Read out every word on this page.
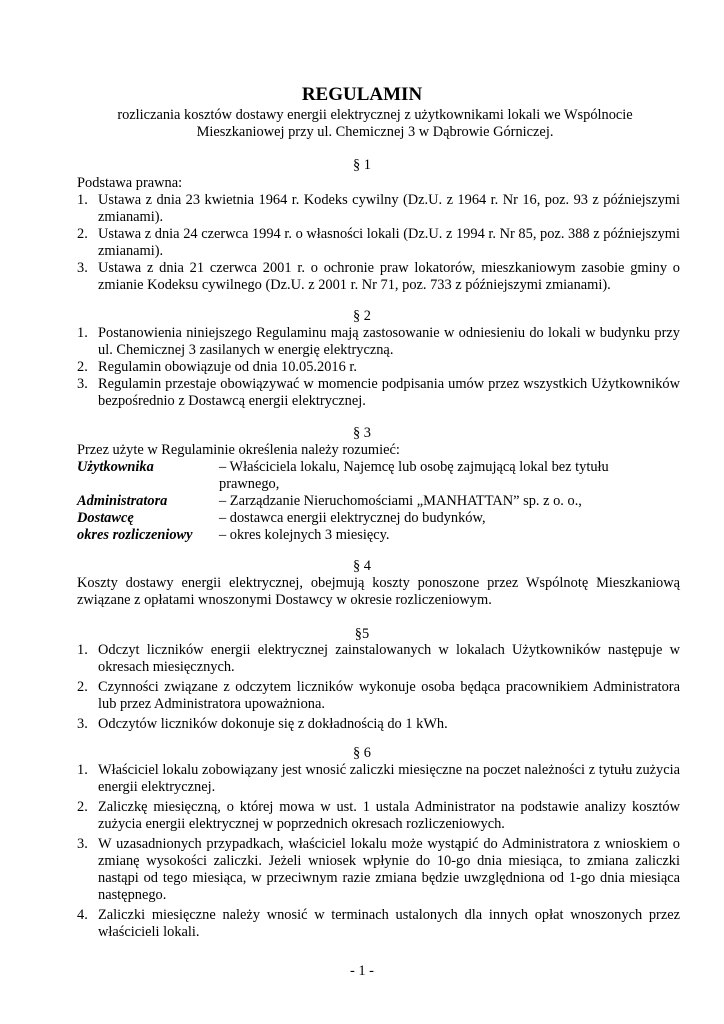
REGULAMIN
rozliczania kosztów dostawy energii elektrycznej z użytkownikami lokali we Wspólnocie
Mieszkaniowej przy ul. Chemicznej 3 w Dąbrowie Górniczej.
§ 1
Podstawa prawna:
1. Ustawa z dnia 23 kwietnia 1964 r. Kodeks cywilny (Dz.U. z 1964 r. Nr 16, poz. 93 z późniejszymi zmianami).
2. Ustawa z dnia 24 czerwca 1994 r. o własności lokali (Dz.U. z 1994 r. Nr 85, poz. 388 z późniejszymi zmianami).
3. Ustawa z dnia 21 czerwca 2001 r. o ochronie praw lokatorów, mieszkaniowym zasobie gminy o zmianie Kodeksu cywilnego (Dz.U. z 2001 r. Nr 71, poz. 733 z późniejszymi zmianami).
§ 2
1. Postanowienia niniejszego Regulaminu mają zastosowanie w odniesieniu do lokali w budynku przy ul. Chemicznej 3 zasilanych w energię elektryczną.
2. Regulamin obowiązuje od dnia 10.05.2016 r.
3. Regulamin przestaje obowiązywać w momencie podpisania umów przez wszystkich Użytkowników bezpośrednio z Dostawcą energii elektrycznej.
§ 3
Przez użyte w Regulaminie określenia należy rozumieć:
Użytkownika	– Właściciela lokalu, Najemcę lub osobę zajmującą lokal bez tytułu prawnego,
Administratora	– Zarządzanie Nieruchomościami „MANHATTAN” sp. z o. o.,
Dostawcę	– dostawca energii elektrycznej do budynków,
okres rozliczeniowy	– okres kolejnych 3 miesięcy.
§ 4
Koszty dostawy energii elektrycznej, obejmują koszty ponoszone przez Wspólnotę Mieszkaniową związane z opłatami wnoszonymi Dostawcy w okresie rozliczeniowym.
§5
1. Odczyt liczników energii elektrycznej zainstalowanych w lokalach Użytkowników następuje w okresach miesięcznych.
2. Czynności związane z odczytem liczników wykonuje osoba będąca pracownikiem Administratora lub przez Administratora upoważniona.
3. Odczytów liczników dokonuje się z dokładnością do 1 kWh.
§ 6
1. Właściciel lokalu zobowiązany jest wnosić zaliczki miesięczne na poczet należności z tytułu zużycia energii elektrycznej.
2. Zaliczkę miesięczną, o której mowa w ust. 1 ustala Administrator na podstawie analizy kosztów zużycia energii elektrycznej w poprzednich okresach rozliczeniowych.
3. W uzasadnionych przypadkach, właściciel lokalu może wystąpić do Administratora z wnioskiem o zmianę wysokości zaliczki. Jeżeli wniosek wpłynie do 10-go dnia miesiąca, to zmiana zaliczki nastąpi od tego miesiąca, w przeciwnym razie zmiana będzie uwzględniona od 1-go dnia miesiąca następnego.
4. Zaliczki miesięczne należy wnosić w terminach ustalonych dla innych opłat wnoszonych przez właścicieli lokali.
- 1 -
